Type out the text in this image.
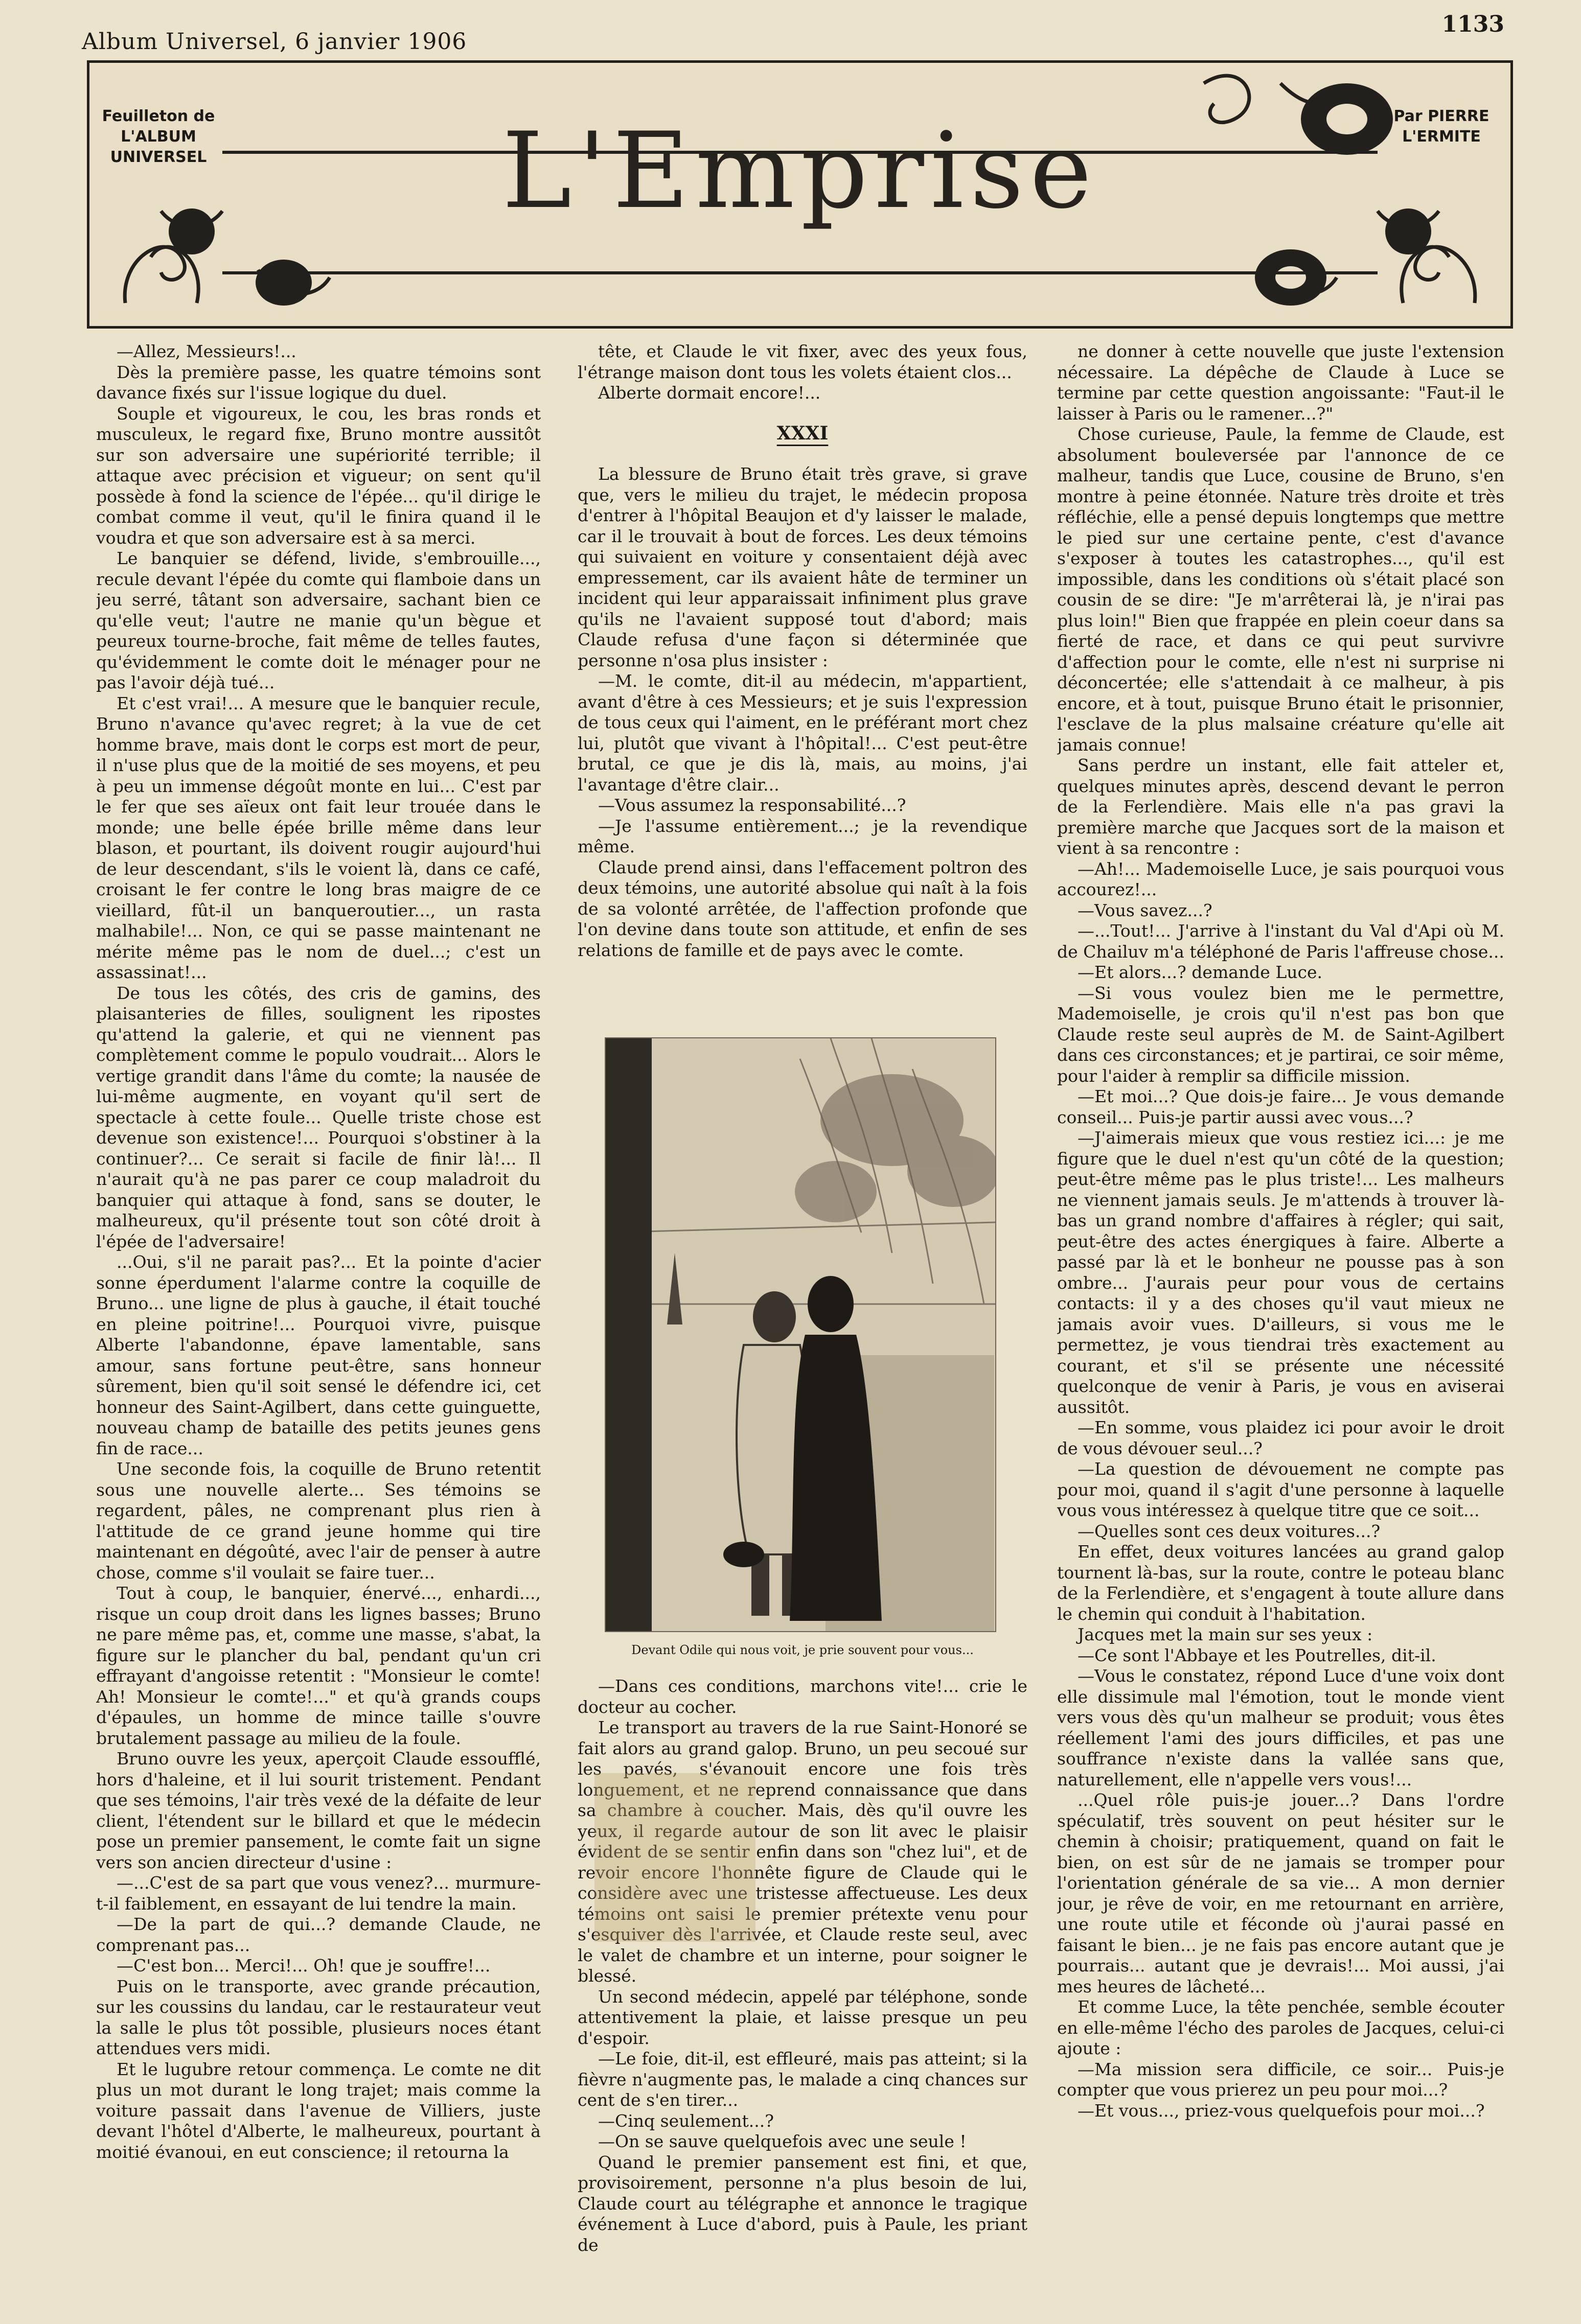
Album Universel, 6 janvier 1906
1133
Feuilleton de L'ALBUM UNIVERSEL
Par PIERRE L'ERMITE
L'Emprise

—Allez, Messieurs!...

Dès la première passe, les quatre témoins sont davance fixés sur l'issue logique du duel.

Souple et vigoureux, le cou, les bras ronds et musculeux, le regard fixe, Bruno montre aussitôt sur son adversaire une supériorité terrible; il attaque avec précision et vigueur; on sent qu'il possède à fond la science de l'épée... qu'il dirige le combat comme il veut, qu'il le finira quand il le voudra et que son adversaire est à sa merci.

Le banquier se défend, livide, s'embrouille..., recule devant l'épée du comte qui flamboie dans un jeu serré, tâtant son adversaire, sachant bien ce qu'elle veut; l'autre ne manie qu'un bègue et peureux tourne-broche, fait même de telles fautes, qu'évidemment le comte doit le ménager pour ne pas l'avoir déjà tué...

Et c'est vrai!... A mesure que le banquier recule, Bruno n'avance qu'avec regret; à la vue de cet homme brave, mais dont le corps est mort de peur, il n'use plus que de la moitié de ses moyens, et peu à peu un immense dégoût monte en lui... C'est par le fer que ses aïeux ont fait leur trouée dans le monde; une belle épée brille même dans leur blason, et pourtant, ils doivent rougir aujourd'hui de leur descendant, s'ils le voient là, dans ce café, croisant le fer contre le long bras maigre de ce vieillard, fût-il un banqueroutier..., un rasta malhabile!... Non, ce qui se passe maintenant ne mérite même pas le nom de duel...; c'est un assassinat!...

De tous les côtés, des cris de gamins, des plaisanteries de filles, soulignent les ripostes qu'attend la galerie, et qui ne viennent pas complètement comme le populo voudrait... Alors le vertige grandit dans l'âme du comte; la nausée de lui-même augmente, en voyant qu'il sert de spectacle à cette foule... Quelle triste chose est devenue son existence!... Pourquoi s'obstiner à la continuer?... Ce serait si facile de finir là!... Il n'aurait qu'à ne pas parer ce coup maladroit du banquier qui attaque à fond, sans se douter, le malheureux, qu'il présente tout son côté droit à l'épée de l'adversaire!

...Oui, s'il ne parait pas?... Et la pointe d'acier sonne éperdument l'alarme contre la coquille de Bruno... une ligne de plus à gauche, il était touché en pleine poitrine!... Pourquoi vivre, puisque Alberte l'abandonne, épave lamentable, sans amour, sans fortune peut-être, sans honneur sûrement, bien qu'il soit sensé le défendre ici, cet honneur des Saint-Agilbert, dans cette guinguette, nouveau champ de bataille des petits jeunes gens fin de race...

Une seconde fois, la coquille de Bruno retentit sous une nouvelle alerte... Ses témoins se regardent, pâles, ne comprenant plus rien à l'attitude de ce grand jeune homme qui tire maintenant en dégoûté, avec l'air de penser à autre chose, comme s'il voulait se faire tuer...

Tout à coup, le banquier, énervé..., enhardi..., risque un coup droit dans les lignes basses; Bruno ne pare même pas, et, comme une masse, s'abat, la figure sur le plancher du bal, pendant qu'un cri effrayant d'angoisse retentit : "Monsieur le comte! Ah! Monsieur le comte!..." et qu'à grands coups d'épaules, un homme de mince taille s'ouvre brutalement passage au milieu de la foule.

Bruno ouvre les yeux, aperçoit Claude essoufflé, hors d'haleine, et il lui sourit tristement. Pendant que ses témoins, l'air très vexé de la défaite de leur client, l'étendent sur le billard et que le médecin pose un premier pansement, le comte fait un signe vers son ancien directeur d'usine :

—...C'est de sa part que vous venez?... murmure-t-il faiblement, en essayant de lui tendre la main.

—De la part de qui...? demande Claude, ne comprenant pas...

—C'est bon... Merci!... Oh! que je souffre!...

Puis on le transporte, avec grande précaution, sur les coussins du landau, car le restaurateur veut la salle le plus tôt possible, plusieurs noces étant attendues vers midi.

Et le lugubre retour commença. Le comte ne dit plus un mot durant le long trajet; mais comme la voiture passait dans l'avenue de Villiers, juste devant l'hôtel d'Alberte, le malheureux, pourtant à moitié évanoui, en eut conscience; il retourna la

tête, et Claude le vit fixer, avec des yeux fous, l'étrange maison dont tous les volets étaient clos...

Alberte dormait encore!...

XXXI

La blessure de Bruno était très grave, si grave que, vers le milieu du trajet, le médecin proposa d'entrer à l'hôpital Beaujon et d'y laisser le malade, car il le trouvait à bout de forces. Les deux témoins qui suivaient en voiture y consentaient déjà avec empressement, car ils avaient hâte de terminer un incident qui leur apparaissait infiniment plus grave qu'ils ne l'avaient supposé tout d'abord; mais Claude refusa d'une façon si déterminée que personne n'osa plus insister :

—M. le comte, dit-il au médecin, m'appartient, avant d'être à ces Messieurs; et je suis l'expression de tous ceux qui l'aiment, en le préférant mort chez lui, plutôt que vivant à l'hôpital!... C'est peut-être brutal, ce que je dis là, mais, au moins, j'ai l'avantage d'être clair...

—Vous assumez la responsabilité...?

—Je l'assume entièrement...; je la revendique même.

Claude prend ainsi, dans l'effacement poltron des deux témoins, une autorité absolue qui naît à la fois de sa volonté arrêtée, de l'affection profonde que l'on devine dans toute son attitude, et enfin de ses relations de famille et de pays avec le comte.

Devant Odile qui nous voit, je prie souvent pour vous...

—Dans ces conditions, marchons vite!... crie le docteur au cocher.

Le transport au travers de la rue Saint-Honoré se fait alors au grand galop. Bruno, un peu secoué sur les pavés, s'évanouit encore une fois très longuement, et ne reprend connaissance que dans sa chambre à coucher. Mais, dès qu'il ouvre les yeux, il regarde autour de son lit avec le plaisir évident de se sentir enfin dans son "chez lui", et de revoir encore l'honnête figure de Claude qui le considère avec une tristesse affectueuse. Les deux témoins ont saisi le premier prétexte venu pour s'esquiver dès l'arrivée, et Claude reste seul, avec le valet de chambre et un interne, pour soigner le blessé.

Un second médecin, appelé par téléphone, sonde attentivement la plaie, et laisse presque un peu d'espoir.

—Le foie, dit-il, est effleuré, mais pas atteint; si la fièvre n'augmente pas, le malade a cinq chances sur cent de s'en tirer...

—Cinq seulement...?

—On se sauve quelquefois avec une seule !

Quand le premier pansement est fini, et que, provisoirement, personne n'a plus besoin de lui, Claude court au télégraphe et annonce le tragique événement à Luce d'abord, puis à Paule, les priant de

ne donner à cette nouvelle que juste l'extension nécessaire. La dépêche de Claude à Luce se termine par cette question angoissante: "Faut-il le laisser à Paris ou le ramener...?"

Chose curieuse, Paule, la femme de Claude, est absolument bouleversée par l'annonce de ce malheur, tandis que Luce, cousine de Bruno, s'en montre à peine étonnée. Nature très droite et très réfléchie, elle a pensé depuis longtemps que mettre le pied sur une certaine pente, c'est d'avance s'exposer à toutes les catastrophes..., qu'il est impossible, dans les conditions où s'était placé son cousin de se dire: "Je m'arrêterai là, je n'irai pas plus loin!" Bien que frappée en plein coeur dans sa fierté de race, et dans ce qui peut survivre d'affection pour le comte, elle n'est ni surprise ni déconcertée; elle s'attendait à ce malheur, à pis encore, et à tout, puisque Bruno était le prisonnier, l'esclave de la plus malsaine créature qu'elle ait jamais connue!

Sans perdre un instant, elle fait atteler et, quelques minutes après, descend devant le perron de la Ferlendière. Mais elle n'a pas gravi la première marche que Jacques sort de la maison et vient à sa rencontre :

—Ah!... Mademoiselle Luce, je sais pourquoi vous accourez!...

—Vous savez...?

—...Tout!... J'arrive à l'instant du Val d'Api où M. de Chailuv m'a téléphoné de Paris l'affreuse chose...

—Et alors...? demande Luce.

—Si vous voulez bien me le permettre, Mademoiselle, je crois qu'il n'est pas bon que Claude reste seul auprès de M. de Saint-Agilbert dans ces circonstances; et je partirai, ce soir même, pour l'aider à remplir sa difficile mission.

—Et moi...? Que dois-je faire... Je vous demande conseil... Puis-je partir aussi avec vous...?

—J'aimerais mieux que vous restiez ici...: je me figure que le duel n'est qu'un côté de la question; peut-être même pas le plus triste!... Les malheurs ne viennent jamais seuls. Je m'attends à trouver là-bas un grand nombre d'affaires à régler; qui sait, peut-être des actes énergiques à faire. Alberte a passé par là et le bonheur ne pousse pas à son ombre... J'aurais peur pour vous de certains contacts: il y a des choses qu'il vaut mieux ne jamais avoir vues. D'ailleurs, si vous me le permettez, je vous tiendrai très exactement au courant, et s'il se présente une nécessité quelconque de venir à Paris, je vous en aviserai aussitôt.

—En somme, vous plaidez ici pour avoir le droit de vous dévouer seul...?

—La question de dévouement ne compte pas pour moi, quand il s'agit d'une personne à laquelle vous vous intéressez à quelque titre que ce soit...

—Quelles sont ces deux voitures...?

En effet, deux voitures lancées au grand galop tournent là-bas, sur la route, contre le poteau blanc de la Ferlendière, et s'engagent à toute allure dans le chemin qui conduit à l'habitation.

Jacques met la main sur ses yeux :

—Ce sont l'Abbaye et les Poutrelles, dit-il.

—Vous le constatez, répond Luce d'une voix dont elle dissimule mal l'émotion, tout le monde vient vers vous dès qu'un malheur se produit; vous êtes réellement l'ami des jours difficiles, et pas une souffrance n'existe dans la vallée sans que, naturellement, elle n'appelle vers vous!...

...Quel rôle puis-je jouer...? Dans l'ordre spéculatif, très souvent on peut hésiter sur le chemin à choisir; pratiquement, quand on fait le bien, on est sûr de ne jamais se tromper pour l'orientation générale de sa vie... A mon dernier jour, je rêve de voir, en me retournant en arrière, une route utile et féconde où j'aurai passé en faisant le bien... je ne fais pas encore autant que je pourrais... autant que je devrais!... Moi aussi, j'ai mes heures de lâcheté...

Et comme Luce, la tête penchée, semble écouter en elle-même l'écho des paroles de Jacques, celui-ci ajoute :

—Ma mission sera difficile, ce soir... Puis-je compter que vous prierez un peu pour moi...?

—Et vous..., priez-vous quelquefois pour moi...?
